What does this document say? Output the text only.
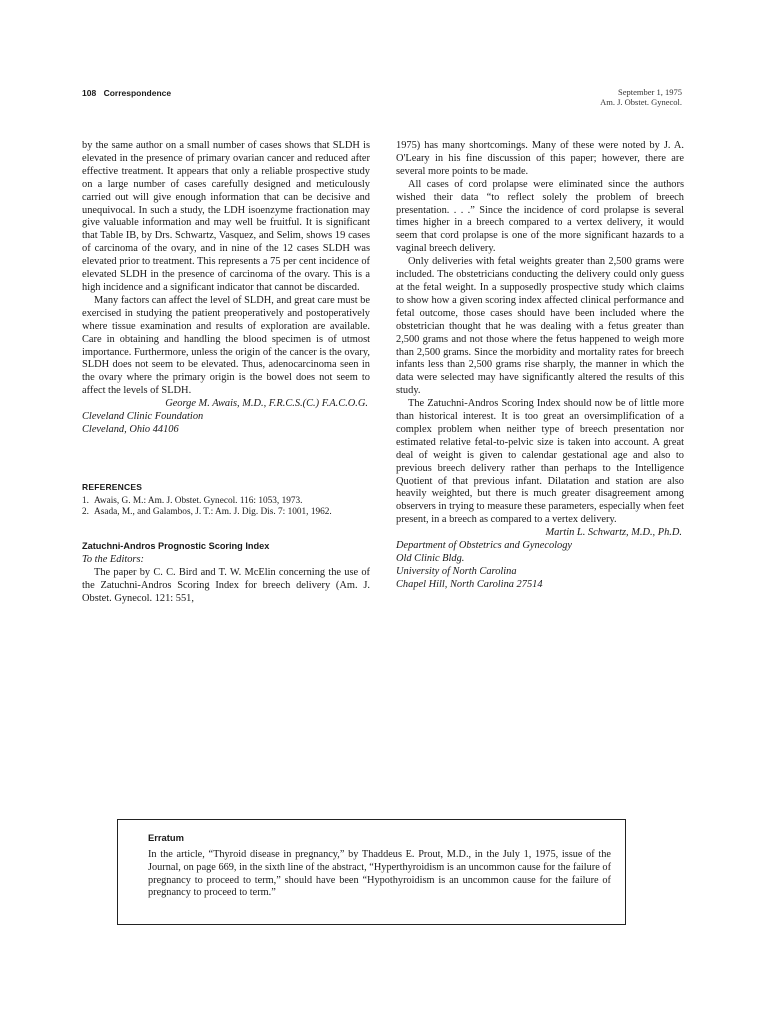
108 Correspondence	September 1, 1975
Am. J. Obstet. Gynecol.

by the same author on a small number of cases shows that SLDH is elevated in the presence of primary ovarian cancer and reduced after effective treatment. It appears that only a reliable prospective study on a large number of cases carefully designed and meticulously carried out will give enough information that can be decisive and unequivocal. In such a study, the LDH isoenzyme fractionation may give valuable information and may well be fruitful. It is significant that Table IB, by Drs. Schwartz, Vasquez, and Selim, shows 19 cases of carcinoma of the ovary, and in nine of the 12 cases SLDH was elevated prior to treatment. This represents a 75 per cent incidence of elevated SLDH in the presence of carcinoma of the ovary. This is a high incidence and a significant indicator that cannot be discarded.

Many factors can affect the level of SLDH, and great care must be exercised in studying the patient preoperatively and postoperatively where tissue examination and results of exploration are available. Care in obtaining and handling the blood specimen is of utmost importance. Furthermore, unless the origin of the cancer is the ovary, SLDH does not seem to be elevated. Thus, adenocarcinoma seen in the ovary where the primary origin is the bowel does not seem to affect the levels of SLDH.

George M. Awais, M.D., F.R.C.S.(C.) F.A.C.O.G.
Cleveland Clinic Foundation
Cleveland, Ohio 44106
REFERENCES
1. Awais, G. M.: Am. J. Obstet. Gynecol. 116: 1053, 1973.
2. Asada, M., and Galambos, J. T.: Am. J. Dig. Dis. 7: 1001, 1962.
Zatuchni-Andros Prognostic Scoring Index
To the Editors:

The paper by C. C. Bird and T. W. McElin concerning the use of the Zatuchni-Andros Scoring Index for breech delivery (Am. J. Obstet. Gynecol. 121: 551,

1975) has many shortcomings. Many of these were noted by J. A. O'Leary in his fine discussion of this paper; however, there are several more points to be made.

All cases of cord prolapse were eliminated since the authors wished their data “to reflect solely the problem of breech presentation. . . .” Since the incidence of cord prolapse is several times higher in a breech compared to a vertex delivery, it would seem that cord prolapse is one of the more significant hazards to a vaginal breech delivery.

Only deliveries with fetal weights greater than 2,500 grams were included. The obstetricians conducting the delivery could only guess at the fetal weight. In a supposedly prospective study which claims to show how a given scoring index affected clinical performance and fetal outcome, those cases should have been included where the obstetrician thought that he was dealing with a fetus greater than 2,500 grams and not those where the fetus happened to weigh more than 2,500 grams. Since the morbidity and mortality rates for breech infants less than 2,500 grams rise sharply, the manner in which the data were selected may have significantly altered the results of this study.

The Zatuchni-Andros Scoring Index should now be of little more than historical interest. It is too great an oversimplification of a complex problem when neither type of breech presentation nor estimated relative fetal-to-pelvic size is taken into account. A great deal of weight is given to calendar gestational age and also to previous breech delivery rather than perhaps to the Intelligence Quotient of that previous infant. Dilatation and station are also heavily weighted, but there is much greater disagreement among observers in trying to measure these parameters, especially when feet present, in a breech as compared to a vertex delivery.

Martin L. Schwartz, M.D., Ph.D.
Department of Obstetrics and Gynecology
Old Clinic Bldg.
University of North Carolina
Chapel Hill, North Carolina 27514
Erratum

In the article, “Thyroid disease in pregnancy,” by Thaddeus E. Prout, M.D., in the July 1, 1975, issue of the Journal, on page 669, in the sixth line of the abstract, “Hyperthyroidism is an uncommon cause for the failure of pregnancy to proceed to term,” should have been “Hypothyroidism is an uncommon cause for the failure of pregnancy to proceed to term.”
